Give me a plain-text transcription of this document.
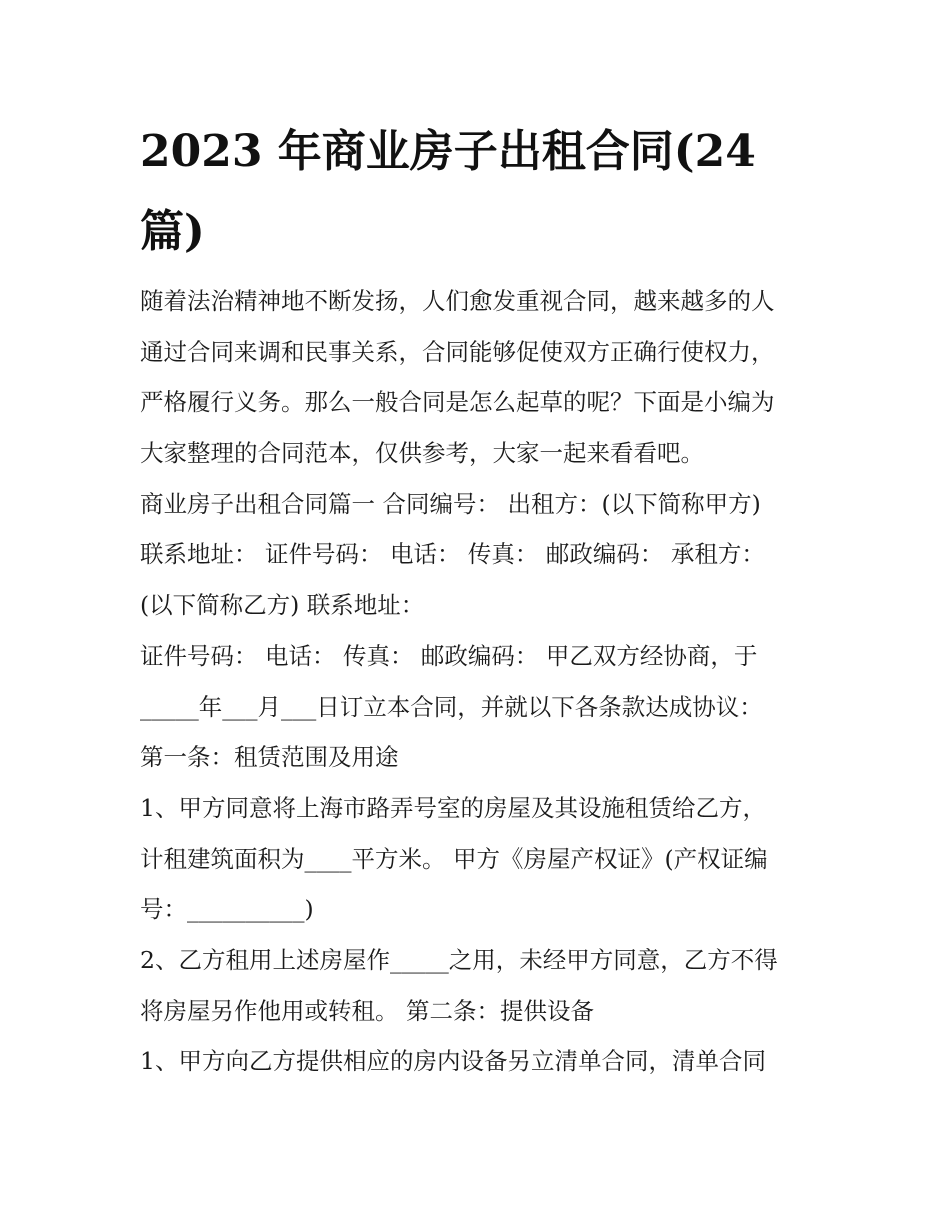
2023 年商业房子出租合同(24
篇)
随着法治精神地不断发扬，人们愈发重视合同，越来越多的人
通过合同来调和民事关系，合同能够促使双方正确行使权力，
严格履行义务。那么一般合同是怎么起草的呢？下面是小编为
大家整理的合同范本，仅供参考，大家一起来看看吧。
商业房子出租合同篇一 合同编号： 出租方：(以下简称甲方)
联系地址： 证件号码： 电话： 传真： 邮政编码： 承租方：
(以下简称乙方) 联系地址：
证件号码： 电话： 传真： 邮政编码： 甲乙双方经协商，于
_____年___月___日订立本合同，并就以下各条款达成协议：
第一条：租赁范围及用途
1、甲方同意将上海市路弄号室的房屋及其设施租赁给乙方，
计租建筑面积为____平方米。 甲方《房屋产权证》(产权证编
号：__________)
2、乙方租用上述房屋作_____之用，未经甲方同意，乙方不得
将房屋另作他用或转租。 第二条：提供设备
1、甲方向乙方提供相应的房内设备另立清单合同，清单合同
